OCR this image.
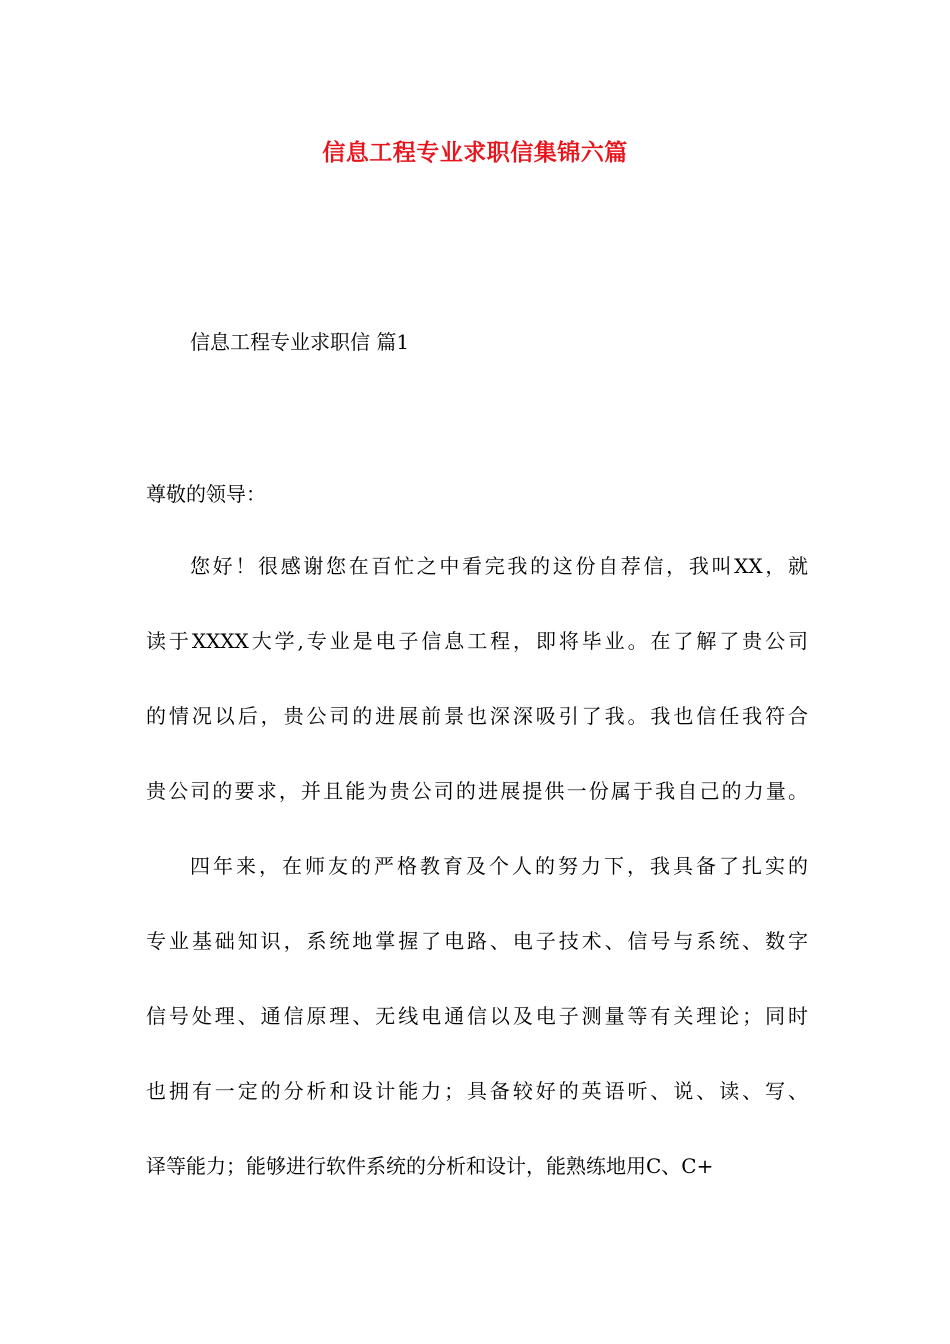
信息工程专业求职信集锦六篇
信息工程专业求职信 篇1
尊敬的领导：
您好！很感谢您在百忙之中看完我的这份自荐信，我叫XX，就
读于XXXX大学,专业是电子信息工程，即将毕业。在了解了贵公司
的情况以后，贵公司的进展前景也深深吸引了我。我也信任我符合
贵公司的要求，并且能为贵公司的进展提供一份属于我自己的力量。
四年来，在师友的严格教育及个人的努力下，我具备了扎实的
专业基础知识，系统地掌握了电路、电子技术、信号与系统、数字
信号处理、通信原理、无线电通信以及电子测量等有关理论；同时
也拥有一定的分析和设计能力；具备较好的英语听、说、读、写、
译等能力；能够进行软件系统的分析和设计，能熟练地用C、C+
